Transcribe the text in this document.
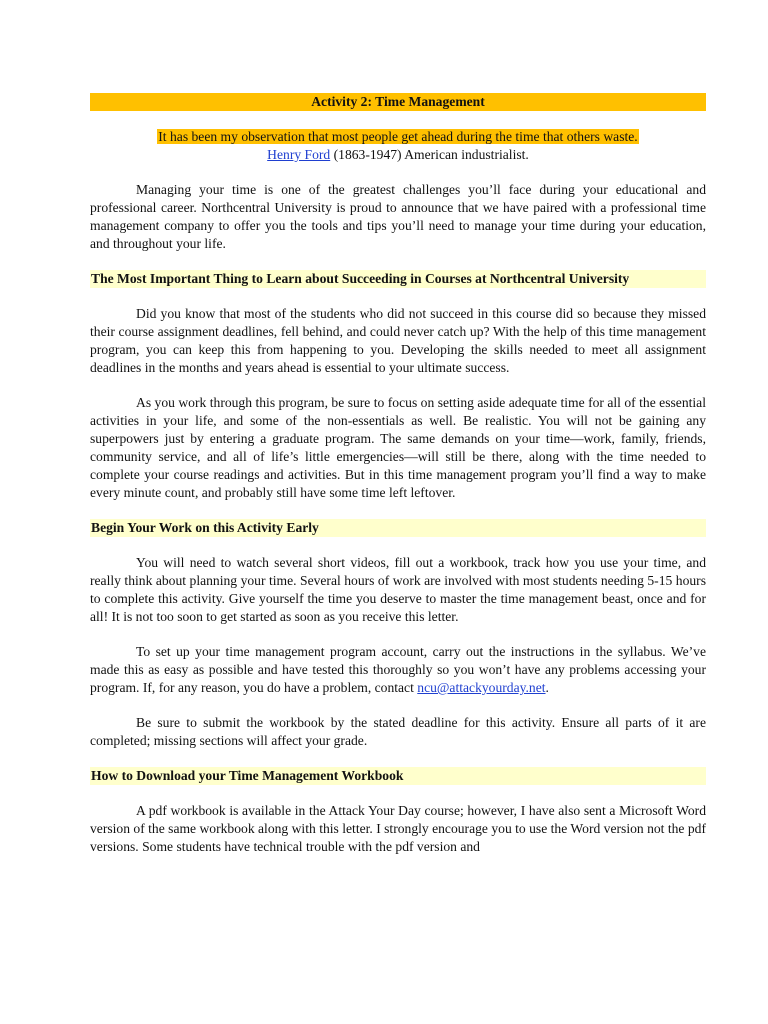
Activity 2: Time Management
It has been my observation that most people get ahead during the time that others waste.
Henry Ford (1863-1947) American industrialist.

Managing your time is one of the greatest challenges you’ll face during your educational and professional career. Northcentral University is proud to announce that we have paired with a professional time management company to offer you the tools and tips you’ll need to manage your time during your education, and throughout your life.

The Most Important Thing to Learn about Succeeding in Courses at Northcentral University

Did you know that most of the students who did not succeed in this course did so because they missed their course assignment deadlines, fell behind, and could never catch up? With the help of this time management program, you can keep this from happening to you. Developing the skills needed to meet all assignment deadlines in the months and years ahead is essential to your ultimate success.

As you work through this program, be sure to focus on setting aside adequate time for all of the essential activities in your life, and some of the non-essentials as well. Be realistic. You will not be gaining any superpowers just by entering a graduate program. The same demands on your time—work, family, friends, community service, and all of life’s little emergencies—will still be there, along with the time needed to complete your course readings and activities. But in this time management program you’ll find a way to make every minute count, and probably still have some time left leftover.

Begin Your Work on this Activity Early

You will need to watch several short videos, fill out a workbook, track how you use your time, and really think about planning your time. Several hours of work are involved with most students needing 5-15 hours to complete this activity. Give yourself the time you deserve to master the time management beast, once and for all! It is not too soon to get started as soon as you receive this letter.

To set up your time management program account, carry out the instructions in the syllabus. We’ve made this as easy as possible and have tested this thoroughly so you won’t have any problems accessing your program. If, for any reason, you do have a problem, contact ncu@attackyourday.net.

Be sure to submit the workbook by the stated deadline for this activity. Ensure all parts of it are completed; missing sections will affect your grade.

How to Download your Time Management Workbook

A pdf workbook is available in the Attack Your Day course; however, I have also sent a Microsoft Word version of the same workbook along with this letter. I strongly encourage you to use the Word version not the pdf versions. Some students have technical trouble with the pdf version and
